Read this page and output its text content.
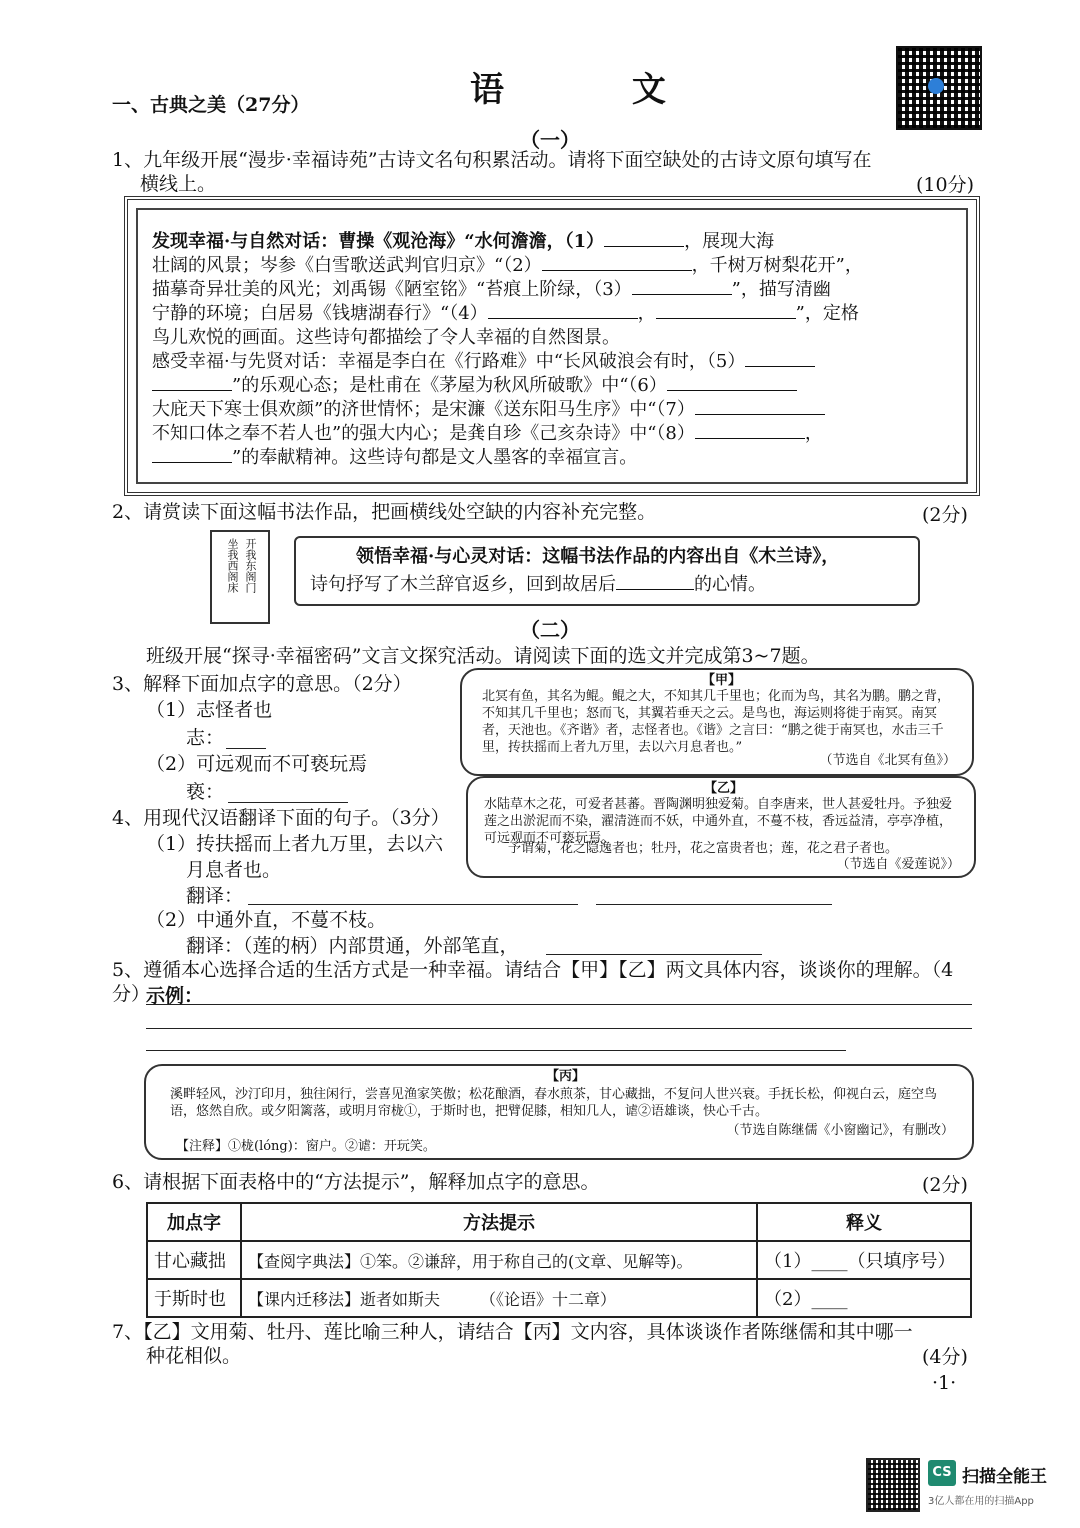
语 文
一、古典之美（27分）
（一）
1、九年级开展“漫步·幸福诗苑”古诗文名句积累活动。请将下面空缺处的古诗文原句填写在
横线上。	(10分)

发现幸福·与自然对话：曹操《观沧海》“水何澹澹，（1）	，展现大海

壮阔的风景；岑参《白雪歌送武判官归京》“（2）	，千树万树梨花开”，

描摹奇异壮美的风光；刘禹锡《陋室铭》“苔痕上阶绿，（3）	”，描写清幽

宁静的环境；白居易《钱塘湖春行》“（4）	，	”，定格

鸟儿欢悦的画面。这些诗句都描绘了令人幸福的自然图景。

感受幸福·与先贤对话：幸福是李白在《行路难》中“长风破浪会有时，（5）

”的乐观心态；是杜甫在《茅屋为秋风所破歌》中“（6）

大庇天下寒士俱欢颜”的济世情怀；是宋濂《送东阳马生序》中“（7）

不知口体之奉不若人也”的强大内心；是龚自珍《己亥杂诗》中“（8）	，

”的奉献精神。这些诗句都是文人墨客的幸福宣言。

2、请赏读下面这幅书法作品，把画横线处空缺的内容补充完整。	(2分)
开我东阁门
坐我西阁床	领悟幸福·与心灵对话：这幅书法作品的内容出自《木兰诗》，

诗句抒写了木兰辞官返乡，回到故居后	的心情。

（二）
班级开展“探寻·幸福密码”文言文探究活动。请阅读下面的选文并完成第3~7题。
3、解释下面加点字的意思。（2分）
（1）志怪者也
志：
（2）可远观而不可亵玩焉
亵：
4、用现代汉语翻译下面的句子。（3分）
（1）抟扶摇而上者九万里，去以六
月息者也。
翻译：
（2）中通外直，不蔓不枝。
翻译：（莲的柄）内部贯通，外部笔直，
【甲】
北冥有鱼，其名为鲲。鲲之大，不知其几千里也；化而为鸟，其名为鹏。鹏之背，不知其几千里也；怒而飞，其翼若垂天之云。是鸟也，海运则将徙于南冥。南冥者，天池也。《齐谐》者，志怪者也。《谐》之言曰：“鹏之徙于南冥也，水击三千里，抟扶摇而上者九万里，去以六月息者也。”
（节选自《北冥有鱼》）
【乙】
水陆草木之花，可爱者甚蕃。晋陶渊明独爱菊。自李唐来，世人甚爱牡丹。予独爱莲之出淤泥而不染，濯清涟而不妖，中通外直，不蔓不枝，香远益清，亭亭净植，可远观而不可亵玩焉。
予谓菊，花之隐逸者也；牡丹，花之富贵者也；莲，花之君子者也。
（节选自《爱莲说》）
5、遵循本心选择合适的生活方式是一种幸福。请结合【甲】【乙】两文具体内容，谈谈你的理解。（4分）
示例：
【丙】
溪畔轻风，沙汀印月，独往闲行，尝喜见渔家笑傲；松花酿酒，春水煎茶，甘心藏拙，不复问人世兴衰。手抚长松，仰视白云，庭空鸟语，悠然自欣。或夕阳篱落，或明月帘栊①，于斯时也，把臂促膝，相知几人，谑②语雄谈，快心千古。
（节选自陈继儒《小窗幽记》，有删改）
【注释】①栊(lóng)：窗户。②谑：开玩笑。
6、请根据下面表格中的“方法提示”，解释加点字的意思。	(2分)
加点字	方法提示	释义
甘心藏拙	【查阅字典法】①笨。②谦辞，用于称自己的(文章、见解等)。	（1）____（只填序号）
于斯时也	【课内迁移法】逝者如斯夫　　　（《论语》十二章）	（2）____
7、【乙】文用菊、牡丹、莲比喻三种人，请结合【丙】文内容，具体谈谈作者陈继儒和其中哪一
种花相似。	(4分)
·1·
CS 扫描全能王
3亿人都在用的扫描App
